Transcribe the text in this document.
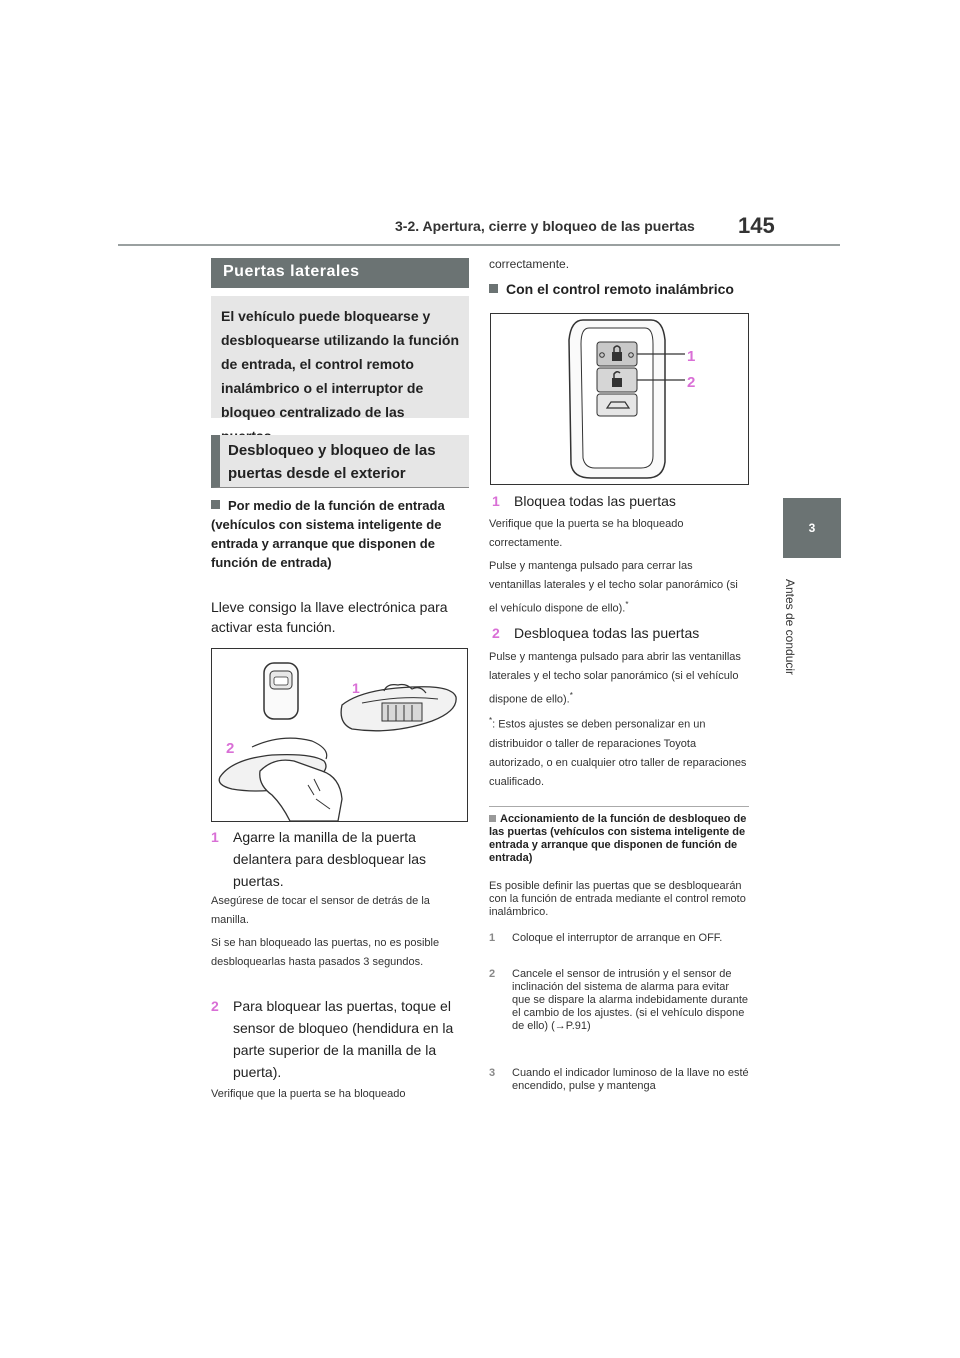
3-2. Apertura, cierre y bloqueo de las puertas 145
3
Antes de conducir
Puertas laterales
El vehículo puede bloquearse y desbloquearse utilizando la función de entrada, el control remoto inalámbrico o el interruptor de bloqueo centralizado de las
Desbloqueo y bloqueo de las puertas desde el exterior
Por medio de la función de entrada (vehículos con sistema inteligente de entrada y arranque que disponen de función de entrada)
Lleve consigo la llave electrónica para activar esta función.
1
2
1 Agarre la manilla de la puerta delantera para desbloquear las puertas.
Asegúrese de tocar el sensor de detrás de la manilla.
Si se han bloqueado las puertas, no es posible desbloquearlas hasta pasados 3 segundos.
2 Para bloquear las puertas, toque el sensor de bloqueo (hendidura en la parte superior de la manilla de la puerta).
Verifique que la puerta se ha bloqueado
correctamente.
Con el control remoto inalámbrico
1
2
1 Bloquea todas las puertas
Verifique que la puerta se ha bloqueado correctamente.
Pulse y mantenga pulsado para cerrar las ventanillas laterales y el techo solar panorámico (si el vehículo dispone de ello).*
2 Desbloquea todas las puertas
Pulse y mantenga pulsado para abrir las ventanillas laterales y el techo solar panorámico (si el vehículo dispone de ello).*
*: Estos ajustes se deben personalizar en un distribuidor o taller de reparaciones Toyota autorizado, o en cualquier otro taller de reparaciones cualificado.
Accionamiento de la función de desbloqueo de las puertas (vehículos con sistema inteligente de entrada y arranque que disponen de función de entrada)
Es posible definir las puertas que se desbloquearán con la función de entrada mediante el control remoto inalámbrico.
1 Coloque el interruptor de arranque en OFF.
2 Cancele el sensor de intrusión y el sensor de inclinación del sistema de alarma para evitar que se dispare la alarma indebidamente durante el cambio de los ajustes. (si el vehículo dispone de ello) (→P.91)
3 Cuando el indicador luminoso de la llave no esté encendido, pulse y mantenga
